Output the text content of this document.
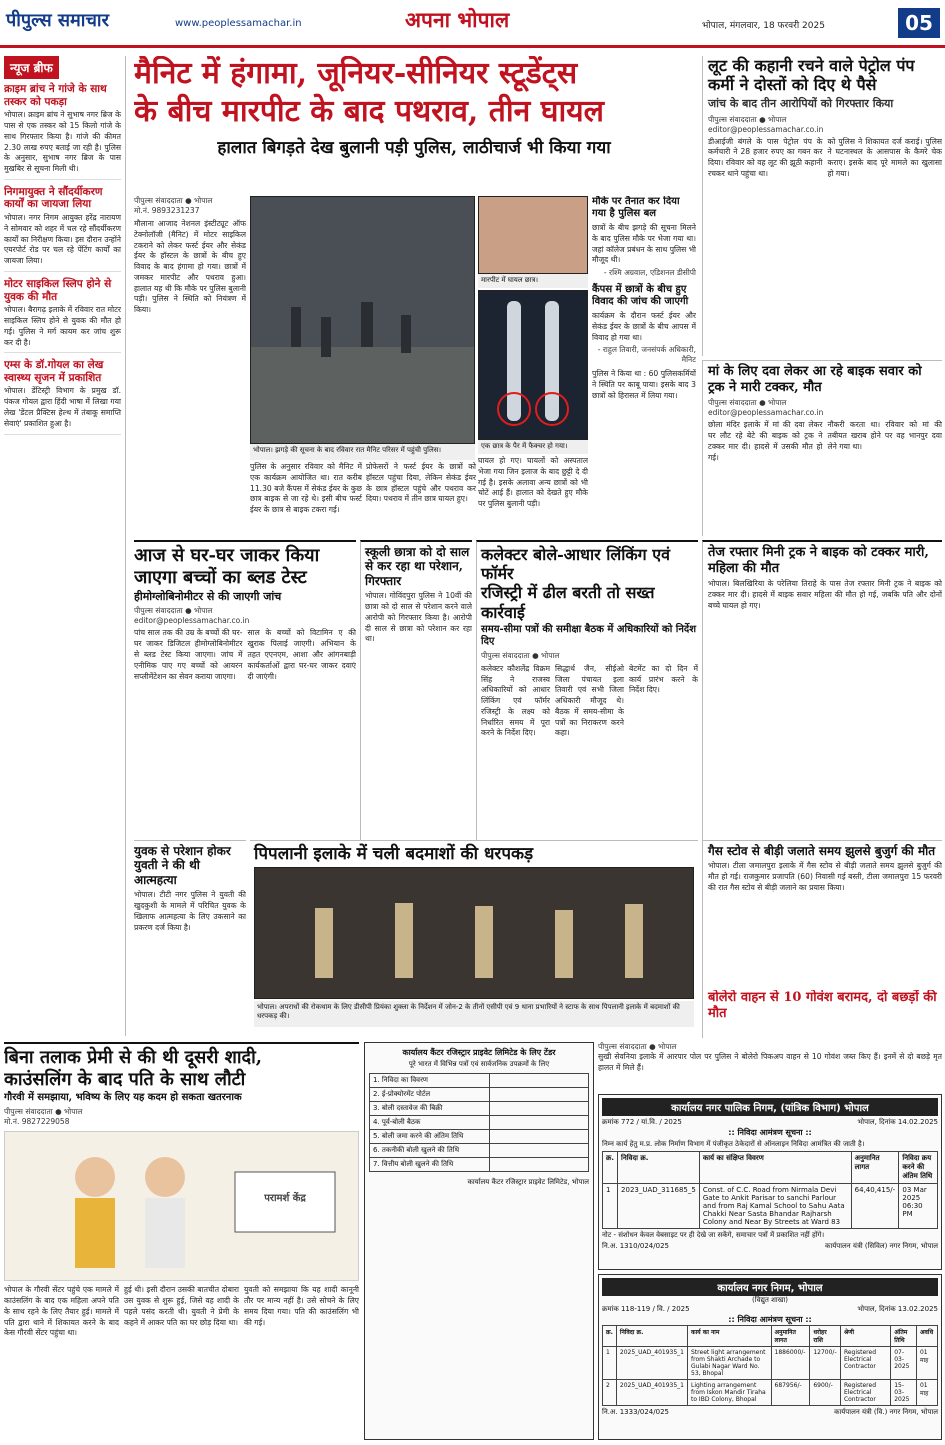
पीपुल्स समाचार	www.peoplessamachar.in	अपना भोपाल	भोपाल, मंगलवार, 18 फरवरी 2025	05
न्यूज ब्रीफ
क्राइम ब्रांच ने गांजे के साथ तस्कर को पकड़ा
भोपाल। क्राइम ब्रांच ने सुभाष नगर ब्रिज के पास से एक तस्कर को 15 किलो गांजे के साथ गिरफ्तार किया है। गांजे की कीमत 2.30 लाख रुपए बताई जा रही है। पुलिस के अनुसार, सुभाष नगर ब्रिज के पास मुखबिर से सूचना मिली थी।
निगमायुक्त ने सौंदर्यीकरण कार्यों का जायजा लिया
भोपाल। नगर निगम आयुक्त हरेंद्र नारायण ने सोमवार को शहर में चल रहे सौंदर्यीकरण कार्यों का निरीक्षण किया। इस दौरान उन्होंने एयरपोर्ट रोड पर चल रहे पेंटिंग कार्यों का जायजा लिया।
मोटर साइकिल स्लिप होने से युवक की मौत
भोपाल। बैरागढ़ इलाके में रविवार रात मोटर साइकिल स्लिप होने से युवक की मौत हो गई। पुलिस ने मर्ग कायम कर जांच शुरू कर दी है।
एम्स के डॉ.गोयल का लेख स्वास्थ्य सृजन में प्रकाशित
भोपाल। डेंटिस्ट्री विभाग के प्रमुख डॉ. पंकज गोयल द्वारा हिंदी भाषा में लिखा गया लेख 'डेंटल प्रैक्टिस हेल्थ में तंबाकू समाप्ति सेवाएं' प्रकाशित हुआ है।
मैनिट में हंगामा, जूनियर-सीनियर स्टूडेंट्स
के बीच मारपीट के बाद पथराव, तीन घायल
हालात बिगड़ते देख बुलानी पड़ी पुलिस, लाठीचार्ज भी किया गया
पीपुल्स संवाददाता ● भोपाल
मो.नं. 9893231237
मौलाना आजाद नेशनल इंस्टीट्यूट ऑफ टेक्नोलॉजी (मैनिट) में मोटर साइकिल टकराने को लेकर फर्स्ट ईयर और सेकंड ईयर के हॉस्टल के छात्रों के बीच हुए विवाद के बाद हंगामा हो गया। छात्रों में जमकर मारपीट और पथराव हुआ। हालात यह थी कि मौके पर पुलिस बुलानी पड़ी। पुलिस ने स्थिति को नियंत्रण में किया।
भोपाल। झगड़े की सूचना के बाद रविवार रात मैनिट परिसर में पहुंची पुलिस।
पुलिस के अनुसार रविवार को मैनिट में एक कार्यक्रम आयोजित था। रात करीब 11.30 बजे कैंपस में सेकंड ईयर के कुछ छात्र बाइक से जा रहे थे। इसी बीच फर्स्ट ईयर के छात्र से बाइक टकरा गई।
प्रोफेसरों ने फर्स्ट ईयर के छात्रों को हॉस्टल पहुंचा दिया, लेकिन सेकंड ईयर के छात्र हॉस्टल पहुंचे और पथराव कर दिया। पथराव में तीन छात्र घायल हुए।
मारपीट में घायल छात्र।
एक छात्र के पैर में फैक्चर हो गया।
घायल हो गए। घायलों को अस्पताल भेजा गया जिन इलाज के बाद छुट्टी दे दी गई है। इसके अलावा अन्य छात्रों को भी चोटें आई हैं। हालात को देखते हुए मौके पर पुलिस बुलानी पड़ी।
मौके पर तैनात कर दिया गया है पुलिस बल
छात्रों के बीच झगड़े की सूचना मिलने के बाद पुलिस मौके पर भेजा गया था। जहां कॉलेज प्रबंधन के साथ पुलिस भी मौजूद थी।
- रश्मि अग्रवाल, एडिशनल डीसीपी
कैंपस में छात्रों के बीच हुए विवाद की जांच की जाएगी
कार्यक्रम के दौरान फर्स्ट ईयर और सेकंड ईयर के छात्रों के बीच आपस में विवाद हो गया था।
- राहुल तिवारी, जनसंपर्क अधिकारी, मैनिट
पुलिस ने किया था : 60 पुलिसकर्मियों ने स्थिति पर काबू पाया। इसके बाद 3 छात्रों को हिरासत में लिया गया।
लूट की कहानी रचने वाले पेट्रोल पंप कर्मी ने दोस्तों को दिए थे पैसे
जांच के बाद तीन आरोपियों को गिरफ्तार किया
पीपुल्स संवाददाता ● भोपाल
editor@peoplessamachar.co.in
डीआईजी बंगले के पास पेट्रोल पंप के कर्मचारी ने 28 हजार रुपए का गबन कर दिया। रविवार को वह लूट की झूठी कहानी रचकर थाने पहुंचा था।
को पुलिस ने शिकायत दर्ज कराई। पुलिस ने घटनास्थल के आसपास के कैमरे चेक कराए। इसके बाद पूरे मामले का खुलासा हो गया।
मां के लिए दवा लेकर आ रहे बाइक सवार को ट्रक ने मारी टक्कर, मौत
पीपुल्स संवाददाता ● भोपाल
editor@peoplessamachar.co.in
छोला मंदिर इलाके में मां की दवा लेकर घर लौट रहे बेटे की बाइक को ट्रक ने टक्कर मार दी। हादसे में उसकी मौत हो गई।
नौकरी करता था। रविवार को मां की तबीयत खराब होने पर वह भानपुर दवा लेने गया था।
आज से घर-घर जाकर किया
जाएगा बच्चों का ब्लड टेस्ट
हीमोग्लोबिनोमीटर से की जाएगी जांच
पीपुल्स संवाददाता ● भोपाल
editor@peoplessamachar.co.in
पांच साल तक की उम्र के बच्चों की घर-घर जाकर डिजिटल हीमोग्लोबिनोमीटर से ब्लड टेस्ट किया जाएगा। जांच में एनीमिक पाए गए बच्चों को आयरन सप्लीमेंटेशन का सेवन कराया जाएगा।
साल के बच्चों को विटामिन ए की खुराक पिलाई जाएगी। अभियान के तहत एएनएम, आशा और आंगनबाड़ी कार्यकर्ताओं द्वारा घर-घर जाकर दवाएं दी जाएंगी।
स्कूली छात्रा को दो साल से कर रहा था परेशान, गिरफ्तार
भोपाल। गोविंदपुरा पुलिस ने 10वीं की छात्रा को दो साल से परेशान करने वाले आरोपी को गिरफ्तार किया है। आरोपी दी साल से छात्रा को परेशान कर रहा था।
कलेक्टर बोले-आधार लिंकिंग एवं फॉर्मर
रजिस्ट्री में ढील बरती तो सख्त कार्रवाई
समय-सीमा पत्रों की समीक्षा बैठक में अधिकारियों को निर्देश दिए
पीपुल्स संवाददाता ● भोपाल
कलेक्टर कौशलेंद्र विक्रम सिंह ने राजस्व अधिकारियों को आधार लिंकिंग एवं फॉर्मर रजिस्ट्री के लक्ष्य को निर्धारित समय में पूरा करने के निर्देश दिए।
सिद्धार्थ जैन, सीईओ जिला पंचायत इला तिवारी एवं सभी जिला अधिकारी मौजूद थे। बैठक में समय-सीमा के पत्रों का निराकरण करने कहा।
बेटमेंट का दो दिन में कार्य प्रारंभ करने के निर्देश दिए।
तेज रफ्तार मिनी ट्रक ने बाइक को टक्कर मारी, महिला की मौत
भोपाल। बिलखिरिया के परेलिया तिराहे के पास तेज रफ्तार मिनी ट्रक ने बाइक को टक्कर मार दी। हादसे में बाइक सवार महिला की मौत हो गई, जबकि पति और दोनों बच्चे घायल हो गए।
युवक से परेशान होकर युवती ने की थी आत्महत्या
भोपाल। टीटी नगर पुलिस ने युवती की खुदकुशी के मामले में परिचित युवक के खिलाफ आत्महत्या के लिए उकसाने का प्रकरण दर्ज किया है।
पिपलानी इलाके में चली बदमाशों की धरपकड़
भोपाल। अपराधों की रोकथाम के लिए डीसीपी प्रियंका शुक्ला के निर्देशन में जोन-2 के तीनों एसीपी एवं 9 थाना प्रभारियों ने स्टाफ के साथ पिपलानी इलाके में बदमाशों की धरपकड़ की।
गैस स्टोव से बीड़ी जलाते समय झुलसे बुजुर्ग की मौत
भोपाल। टीला जमालपुरा इलाके में गैस स्टोव से बीड़ी जलाते समय झुलसे बुजुर्ग की मौत हो गई। राजकुमार प्रजापति (60) निवासी गई बस्ती, टीला जमालपुरा 15 फरवरी की रात गैस स्टोव से बीड़ी जलाने का प्रयास किया।
बोलेरो वाहन से 10 गोवंश बरामद, दो बछड़ों की मौत
बिना तलाक प्रेमी से की थी दूसरी शादी,
काउंसलिंग के बाद पति के साथ लौटी
गौरवी में समझाया, भविष्य के लिए यह कदम हो सकता खतरनाक
पीपुल्स संवाददाता ● भोपाल
मो.नं. 9827229058
परामर्श केंद्र
भोपाल के गौरवी सेंटर पहुंचे एक मामले में काउंसलिंग के बाद एक महिला अपने पति के साथ रहने के लिए तैयार हुई। मामले में पति द्वारा थाने में शिकायत करने के बाद केस गौरवी सेंटर पहुंचा था।
हुई थी। इसी दौरान उसकी बातचीत दोबारा उस युवक से शुरू हुई, जिसे वह शादी के पहले पसंद करती थी। युवती ने प्रेमी के कहने में आकर पति का घर छोड़ दिया था।
युवती को समझाया कि यह शादी कानूनी तौर पर मान्य नहीं है। उसे सोचने के लिए समय दिया गया। पति की काउंसलिंग भी की गई।
कार्यालय कैंटर रजिस्ट्रार प्राइवेट लिमिटेड के लिए टेंडर
पूरे भारत में विभिन्न पत्रों एवं सार्वजनिक उपक्रमों के लिए
1. निविदा का विवरण	
2. ई-प्रोक्योरमेंट पोर्टल	
3. बोली दस्तावेज की बिक्री	
4. पूर्व-बोली बैठक	
5. बोली जमा करने की अंतिम तिथि	
6. तकनीकी बोली खुलने की तिथि	
7. वित्तीय बोली खुलने की तिथि	
कार्यालय कैंटर रजिस्ट्रार प्राइवेट लिमिटेड, भोपाल
पीपुल्स संवाददाता ● भोपाल
सुखी सेवनिया इलाके में आरपार पोल पर पुलिस ने बोलेरो पिकअप वाहन से 10 गोवंश जब्त किए हैं। इनमें से दो बछड़े मृत हालत में मिले हैं।
कार्यालय नगर पालिक निगम, (यांत्रिक विभाग) भोपाल
क्रमांक 772 / यां.वि. / 2025	भोपाल, दिनांक 14.02.2025
:: निविदा आमंत्रण सूचना ::
निम्न कार्य हेतु म.प्र. लोक निर्माण विभाग में पंजीकृत ठेकेदारों से ऑनलाइन निविदा आमंत्रित की जाती है।
क्र.	निविदा क्र.	कार्य का संक्षिप्त विवरण	अनुमानित लागत	निविदा क्रय करने की अंतिम तिथि
1	2023_UAD_311685_5	Const. of C.C. Road from Nirmala Devi Gate to Ankit Parisar to sanchi Parlour and from Raj Kamal School to Sahu Aata Chakki Near Sasta Bhandar Rajharsh Colony and Near By Streets at Ward 83	64,40,415/-	03 Mar 2025 06:30 PM
नोट - संशोधन केवल वेबसाइट पर ही देखे जा सकेंगे, समाचार पत्रों में प्रकाशित नहीं होंगे।
नि.अ. 1310/024/025	कार्यपालन यंत्री (सिविल) नगर निगम, भोपाल
कार्यालय नगर निगम, भोपाल
(विद्युत शाखा)
क्रमांक 118-119 / वि. / 2025	भोपाल, दिनांक 13.02.2025
:: निविदा आमंत्रण सूचना ::
क्र.	निविदा क्र.	कार्य का नाम	अनुमानित लागत	धरोहर राशि	श्रेणी	अंतिम तिथि	अवधि
1	2025_UAD_401935_1	Street light arrangement from Shakti Archade to Gulabi Nagar Ward No. 53, Bhopal	1886000/-	12700/-	Registered Electrical Contractor	07-03-2025	01 माह
2	2025_UAD_401935_1	Lighting arrangement from Iskon Mandir Tiraha to IBD Colony, Bhopal	687956/-	6900/-	Registered Electrical Contractor	15-03-2025	01 माह
नि.अ. 1333/024/025	कार्यपालन यंत्री (वि.) नगर निगम, भोपाल
